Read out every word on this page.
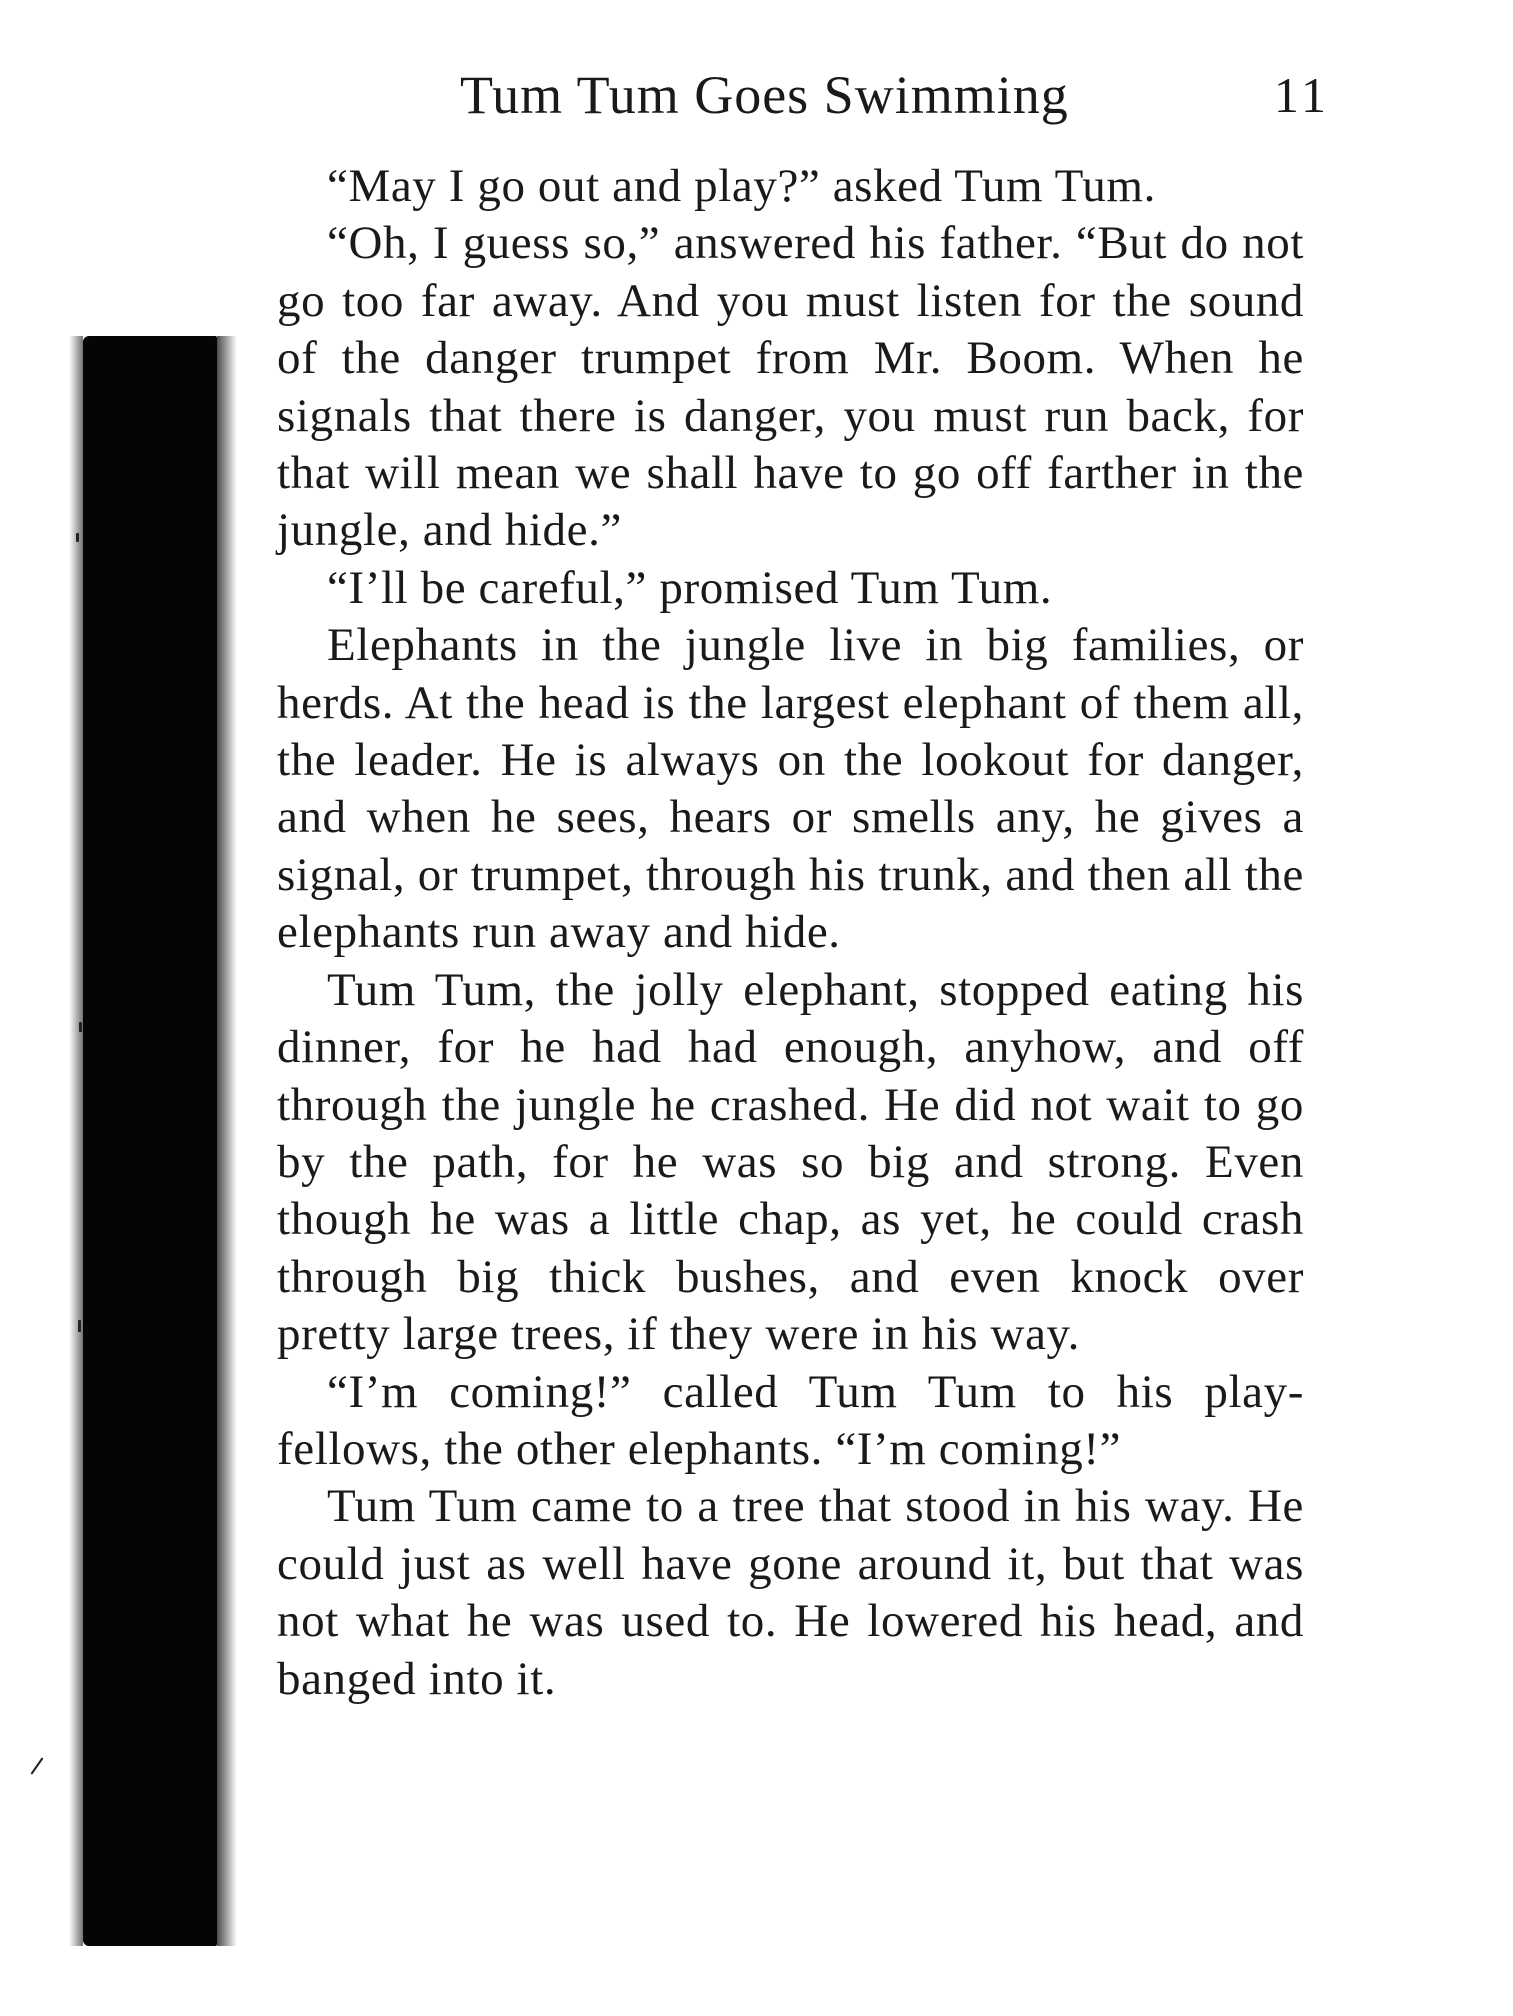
Tum Tum Goes Swimming	11

“May I go out and play?” asked Tum Tum.

“Oh, I guess so,” answered his father. “But do not go too far away. And you must listen for the sound of the danger trumpet from Mr. Boom. When he signals that there is danger, you must run back, for that will mean we shall have to go off farther in the jungle, and hide.”

“I’ll be careful,” promised Tum Tum.

Elephants in the jungle live in big families, or herds. At the head is the largest elephant of them all, the leader. He is always on the lookout for danger, and when he sees, hears or smells any, he gives a signal, or trumpet, through his trunk, and then all the elephants run away and hide.

Tum Tum, the jolly elephant, stopped eating his dinner, for he had had enough, anyhow, and off through the jungle he crashed. He did not wait to go by the path, for he was so big and strong. Even though he was a little chap, as yet, he could crash through big thick bushes, and even knock over pretty large trees, if they were in his way.

“I’m coming!” called Tum Tum to his play-fellows, the other elephants. “I’m coming!”

Tum Tum came to a tree that stood in his way. He could just as well have gone around it, but that was not what he was used to. He lowered his head, and banged into it.
